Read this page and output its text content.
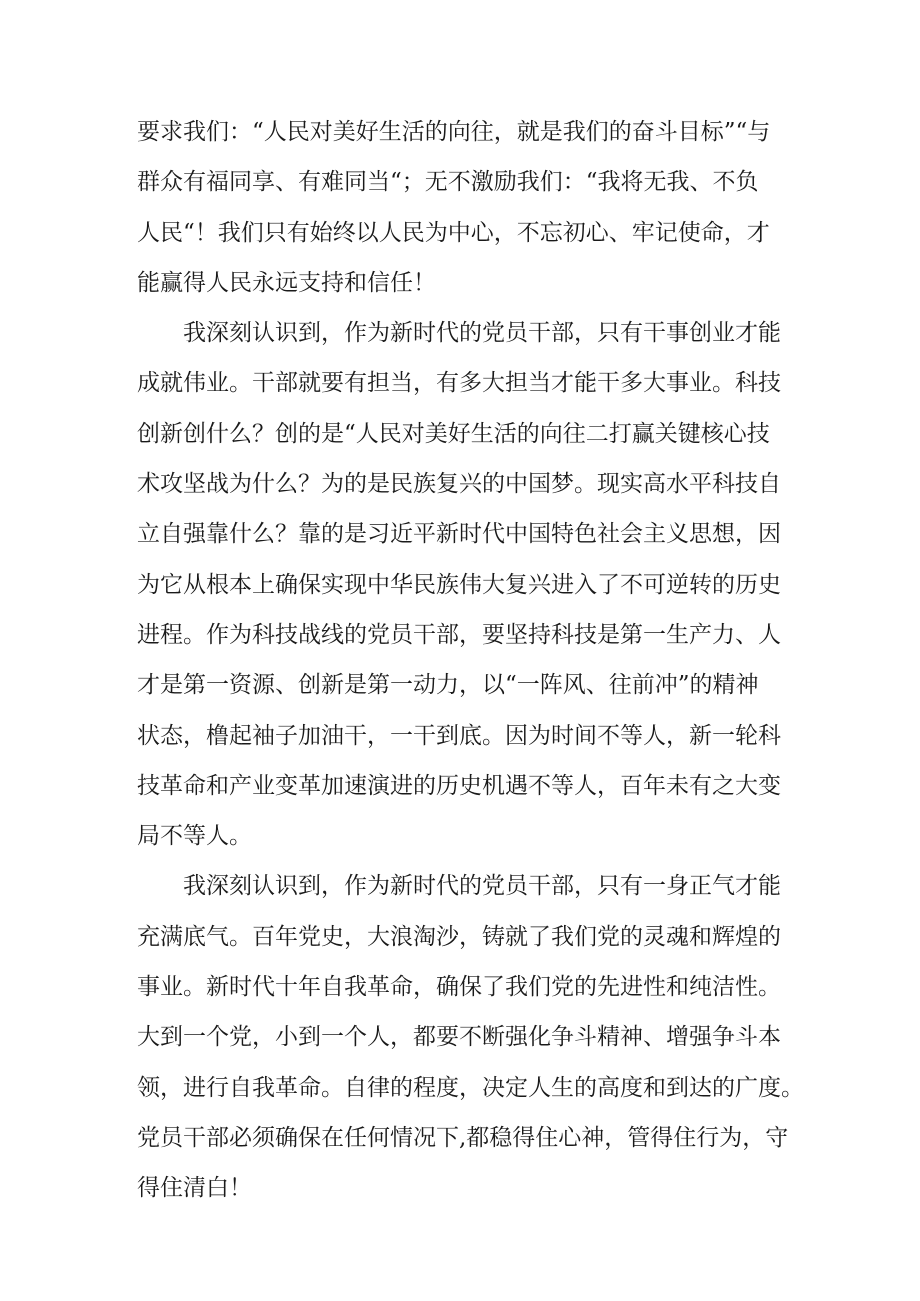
要求我们：“人民对美好生活的向往，就是我们的奋斗目标”“与
群众有福同享、有难同当“；无不激励我们：“我将无我、不负
人民“！我们只有始终以人民为中心，不忘初心、牢记使命，才
能赢得人民永远支持和信任！
我深刻认识到，作为新时代的党员干部，只有干事创业才能
成就伟业。干部就要有担当，有多大担当才能干多大事业。科技
创新创什么？创的是“人民对美好生活的向往二打赢关键核心技
术攻坚战为什么？为的是民族复兴的中国梦。现实高水平科技自
立自强靠什么？靠的是习近平新时代中国特色社会主义思想，因
为它从根本上确保实现中华民族伟大复兴进入了不可逆转的历史
进程。作为科技战线的党员干部，要坚持科技是第一生产力、人
才是第一资源、创新是第一动力，以“一阵风、往前冲”的精神
状态，橹起袖子加油干，一干到底。因为时间不等人，新一轮科
技革命和产业变革加速演进的历史机遇不等人，百年未有之大变
局不等人。
我深刻认识到，作为新时代的党员干部，只有一身正气才能
充满底气。百年党史，大浪淘沙，铸就了我们党的灵魂和辉煌的
事业。新时代十年自我革命，确保了我们党的先进性和纯洁性。
大到一个党，小到一个人，都要不断强化争斗精神、增强争斗本
领，进行自我革命。自律的程度，决定人生的高度和到达的广度。
党员干部必须确保在任何情况下,都稳得住心神，管得住行为，守
得住清白！
